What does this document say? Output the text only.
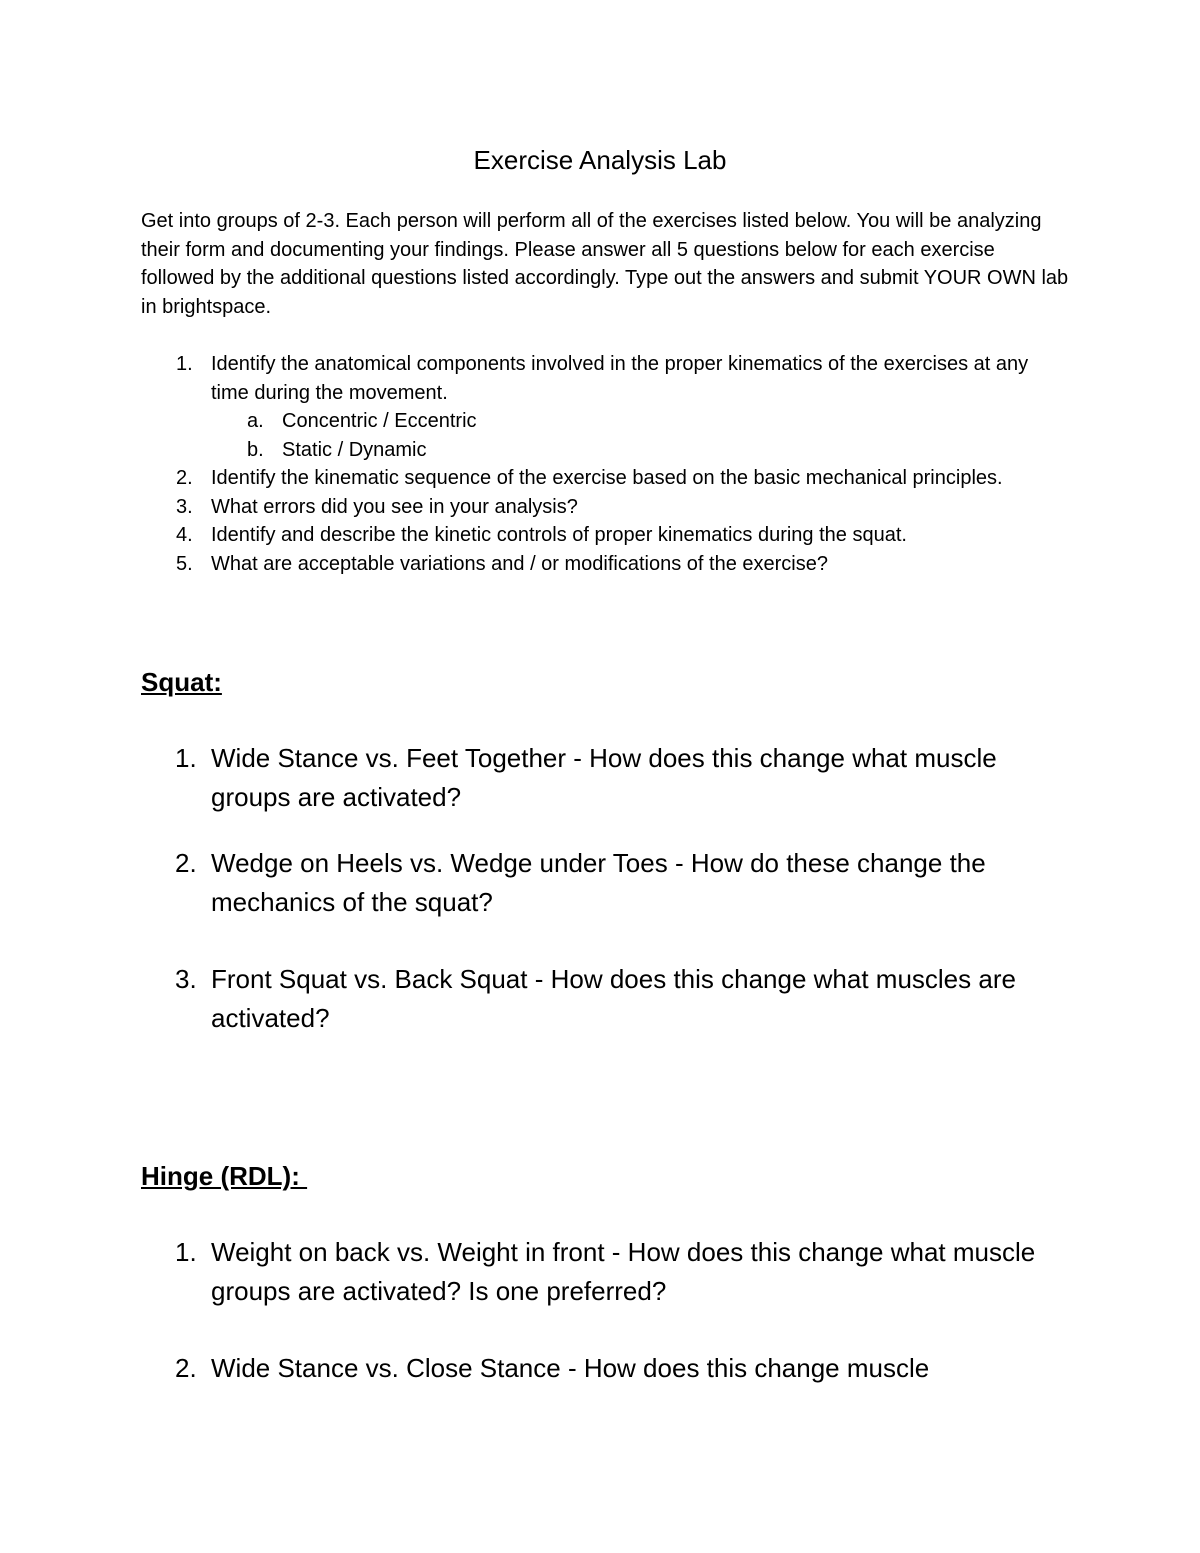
Exercise Analysis Lab
Get into groups of 2-3. Each person will perform all of the exercises listed below. You will be analyzing their form and documenting your findings. Please answer all 5 questions below for each exercise followed by the additional questions listed accordingly. Type out the answers and submit YOUR OWN lab in brightspace.
1. Identify the anatomical components involved in the proper kinematics of the exercises at any time during the movement.
a. Concentric / Eccentric
b. Static / Dynamic
2. Identify the kinematic sequence of the exercise based on the basic mechanical principles.
3. What errors did you see in your analysis?
4. Identify and describe the kinetic controls of proper kinematics during the squat.
5. What are acceptable variations and / or modifications of the exercise?
Squat:
1. Wide Stance vs. Feet Together - How does this change what muscle groups are activated?
2. Wedge on Heels vs. Wedge under Toes - How do these change the mechanics of the squat?
3. Front Squat vs. Back Squat - How does this change what muscles are activated?
Hinge (RDL):
1. Weight on back vs. Weight in front - How does this change what muscle groups are activated? Is one preferred?
2. Wide Stance vs. Close Stance - How does this change muscle
